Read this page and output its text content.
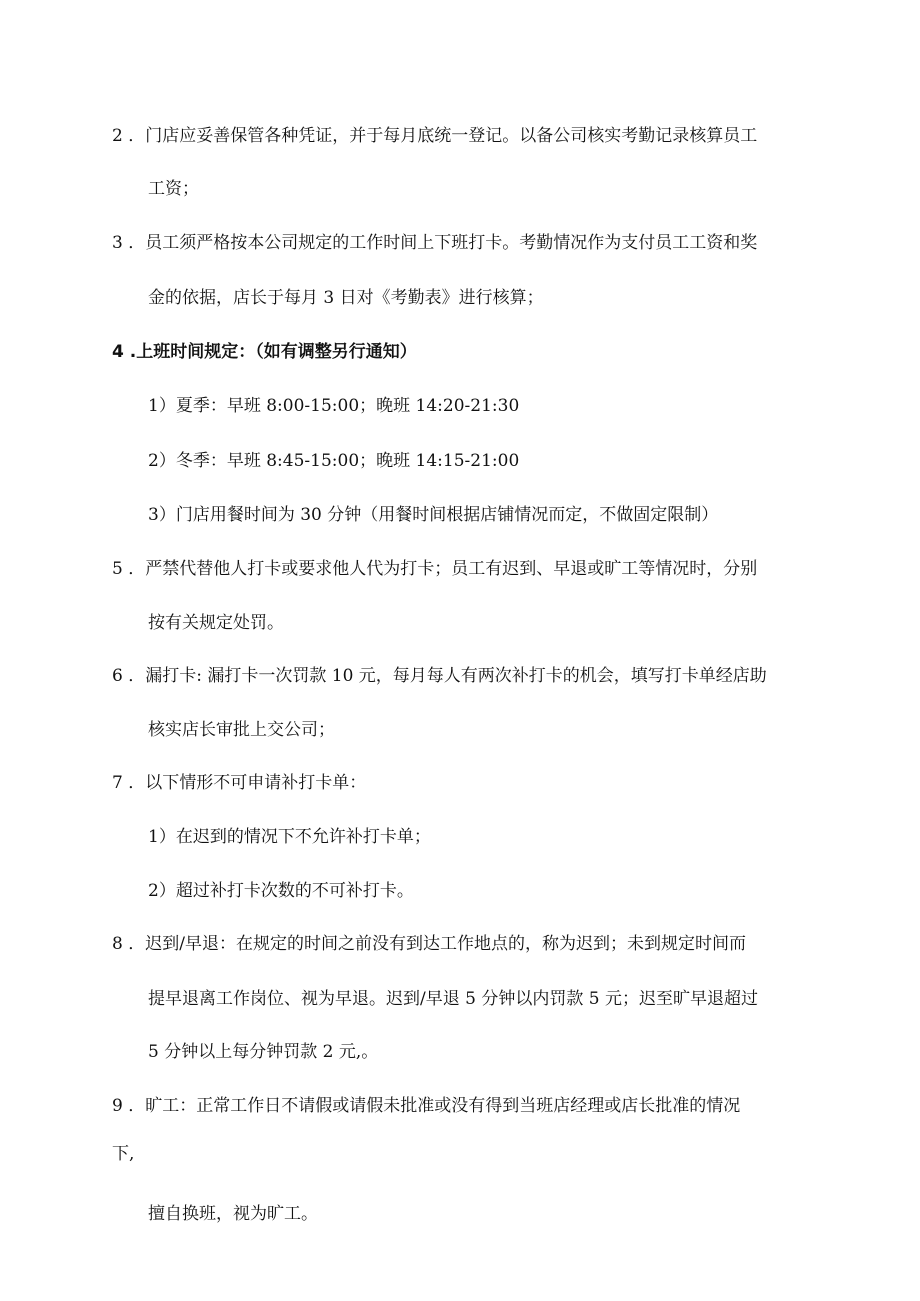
2 ．门店应妥善保管各种凭证，并于每月底统一登记。以备公司核实考勤记录核算员工
工资；
3 ．员工须严格按本公司规定的工作时间上下班打卡。考勤情况作为支付员工工资和奖
金的依据，店长于每月 3 日对《考勤表》进行核算；
4 .上班时间规定：（如有调整另行通知）
1）夏季：早班 8:00-15:00；晚班 14:20-21:30
2）冬季：早班 8:45-15:00；晚班 14:15-21:00
3）门店用餐时间为 30 分钟（用餐时间根据店铺情况而定，不做固定限制）
5 ．严禁代替他人打卡或要求他人代为打卡；员工有迟到、早退或旷工等情况时，分别
按有关规定处罚。
6 ．漏打卡: 漏打卡一次罚款 10 元，每月每人有两次补打卡的机会，填写打卡单经店助
核实店长审批上交公司；
7 ．以下情形不可申请补打卡单：
1）在迟到的情况下不允许补打卡单；
2）超过补打卡次数的不可补打卡。
8 ．迟到/早退：在规定的时间之前没有到达工作地点的，称为迟到；未到规定时间而
提早退离工作岗位、视为早退。迟到/早退 5 分钟以内罚款 5 元；迟至旷早退超过
5 分钟以上每分钟罚款 2 元,。
9 ．旷工：正常工作日不请假或请假未批准或没有得到当班店经理或店长批准的情况
下,
擅自换班，视为旷工。
